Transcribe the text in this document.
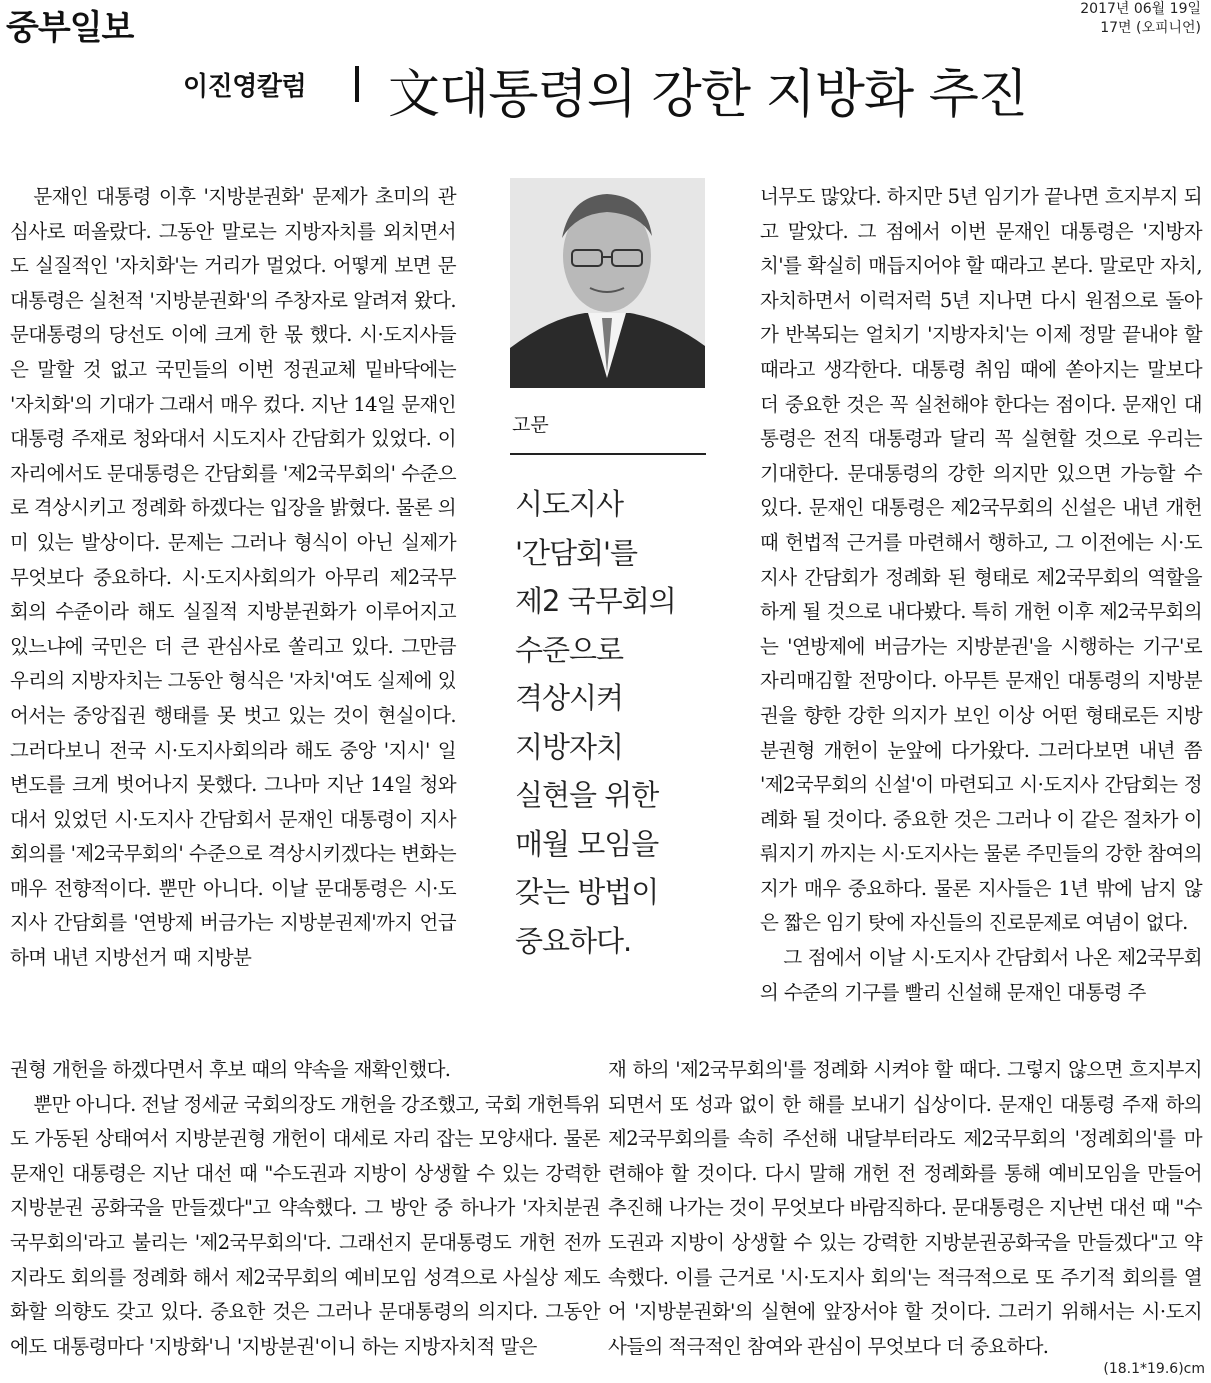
중부일보	2017년 06월 19일
17면 (오피니언)
이진영칼럼 文대통령의 강한 지방화 추진

문재인 대통령 이후 '지방분권화' 문제가 초미의 관심사로 떠올랐다. 그동안 말로는 지방자치를 외치면서도 실질적인 '자치화'는 거리가 멀었다. 어떻게 보면 문대통령은 실천적 '지방분권화'의 주창자로 알려져 왔다. 문대통령의 당선도 이에 크게 한 몫 했다. 시·도지사들은 말할 것 없고 국민들의 이번 정권교체 밑바닥에는 '자치화'의 기대가 그래서 매우 컸다. 지난 14일 문재인 대통령 주재로 청와대서 시도지사 간담회가 있었다. 이 자리에서도 문대통령은 간담회를 '제2국무회의' 수준으로 격상시키고 정례화 하겠다는 입장을 밝혔다. 물론 의미 있는 발상이다. 문제는 그러나 형식이 아닌 실제가 무엇보다 중요하다. 시·도지사회의가 아무리 제2국무회의 수준이라 해도 실질적 지방분권화가 이루어지고 있느냐에 국민은 더 큰 관심사로 쏠리고 있다. 그만큼 우리의 지방자치는 그동안 형식은 '자치'여도 실제에 있어서는 중앙집권 행태를 못 벗고 있는 것이 현실이다. 그러다보니 전국 시·도지사회의라 해도 중앙 '지시' 일변도를 크게 벗어나지 못했다. 그나마 지난 14일 청와대서 있었던 시·도지사 간담회서 문재인 대통령이 지사회의를 '제2국무회의' 수준으로 격상시키겠다는 변화는 매우 전향적이다. 뿐만 아니다. 이날 문대통령은 시·도지사 간담회를 '연방제 버금가는 지방분권제'까지 언급하며 내년 지방선거 때 지방분

고문
시도지사
'간담회'를
제2 국무회의
수준으로
격상시켜
지방자치
실현을 위한
매월 모임을
갖는 방법이
중요하다.

너무도 많았다. 하지만 5년 임기가 끝나면 흐지부지 되고 말았다. 그 점에서 이번 문재인 대통령은 '지방자치'를 확실히 매듭지어야 할 때라고 본다. 말로만 자치, 자치하면서 이럭저럭 5년 지나면 다시 원점으로 돌아가 반복되는 얼치기 '지방자치'는 이제 정말 끝내야 할 때라고 생각한다. 대통령 취임 때에 쏟아지는 말보다 더 중요한 것은 꼭 실천해야 한다는 점이다. 문재인 대통령은 전직 대통령과 달리 꼭 실현할 것으로 우리는 기대한다. 문대통령의 강한 의지만 있으면 가능할 수 있다. 문재인 대통령은 제2국무회의 신설은 내년 개헌 때 헌법적 근거를 마련해서 행하고, 그 이전에는 시·도지사 간담회가 정례화 된 형태로 제2국무회의 역할을 하게 될 것으로 내다봤다. 특히 개헌 이후 제2국무회의는 '연방제에 버금가는 지방분권'을 시행하는 기구'로 자리매김할 전망이다. 아무튼 문재인 대통령의 지방분권을 향한 강한 의지가 보인 이상 어떤 형태로든 지방분권형 개헌이 눈앞에 다가왔다. 그러다보면 내년 쯤 '제2국무회의 신설'이 마련되고 시·도지사 간담회는 정례화 될 것이다. 중요한 것은 그러나 이 같은 절차가 이뤄지기 까지는 시·도지사는 물론 주민들의 강한 참여의지가 매우 중요하다. 물론 지사들은 1년 밖에 남지 않은 짧은 임기 탓에 자신들의 진로문제로 여념이 없다.

그 점에서 이날 시·도지사 간담회서 나온 제2국무회의 수준의 기구를 빨리 신설해 문재인 대통령 주

권형 개헌을 하겠다면서 후보 때의 약속을 재확인했다.

뿐만 아니다. 전날 정세균 국회의장도 개헌을 강조했고, 국회 개헌특위도 가동된 상태여서 지방분권형 개헌이 대세로 자리 잡는 모양새다. 물론 문재인 대통령은 지난 대선 때 "수도권과 지방이 상생할 수 있는 강력한 지방분권 공화국을 만들겠다"고 약속했다. 그 방안 중 하나가 '자치분권 국무회의'라고 불리는 '제2국무회의'다. 그래선지 문대통령도 개헌 전까지라도 회의를 정례화 해서 제2국무회의 예비모임 성격으로 사실상 제도화할 의향도 갖고 있다. 중요한 것은 그러나 문대통령의 의지다. 그동안에도 대통령마다 '지방화'니 '지방분권'이니 하는 지방자치적 말은

재 하의 '제2국무회의'를 정례화 시켜야 할 때다. 그렇지 않으면 흐지부지 되면서 또 성과 없이 한 해를 보내기 십상이다. 문재인 대통령 주재 하의 제2국무회의를 속히 주선해 내달부터라도 제2국무회의 '정례회의'를 마련해야 할 것이다. 다시 말해 개헌 전 정례화를 통해 예비모임을 만들어 추진해 나가는 것이 무엇보다 바람직하다. 문대통령은 지난번 대선 때 "수도권과 지방이 상생할 수 있는 강력한 지방분권공화국을 만들겠다"고 약속했다. 이를 근거로 '시·도지사 회의'는 적극적으로 또 주기적 회의를 열어 '지방분권화'의 실현에 앞장서야 할 것이다. 그러기 위해서는 시·도지사들의 적극적인 참여와 관심이 무엇보다 더 중요하다.

(18.1*19.6)cm
